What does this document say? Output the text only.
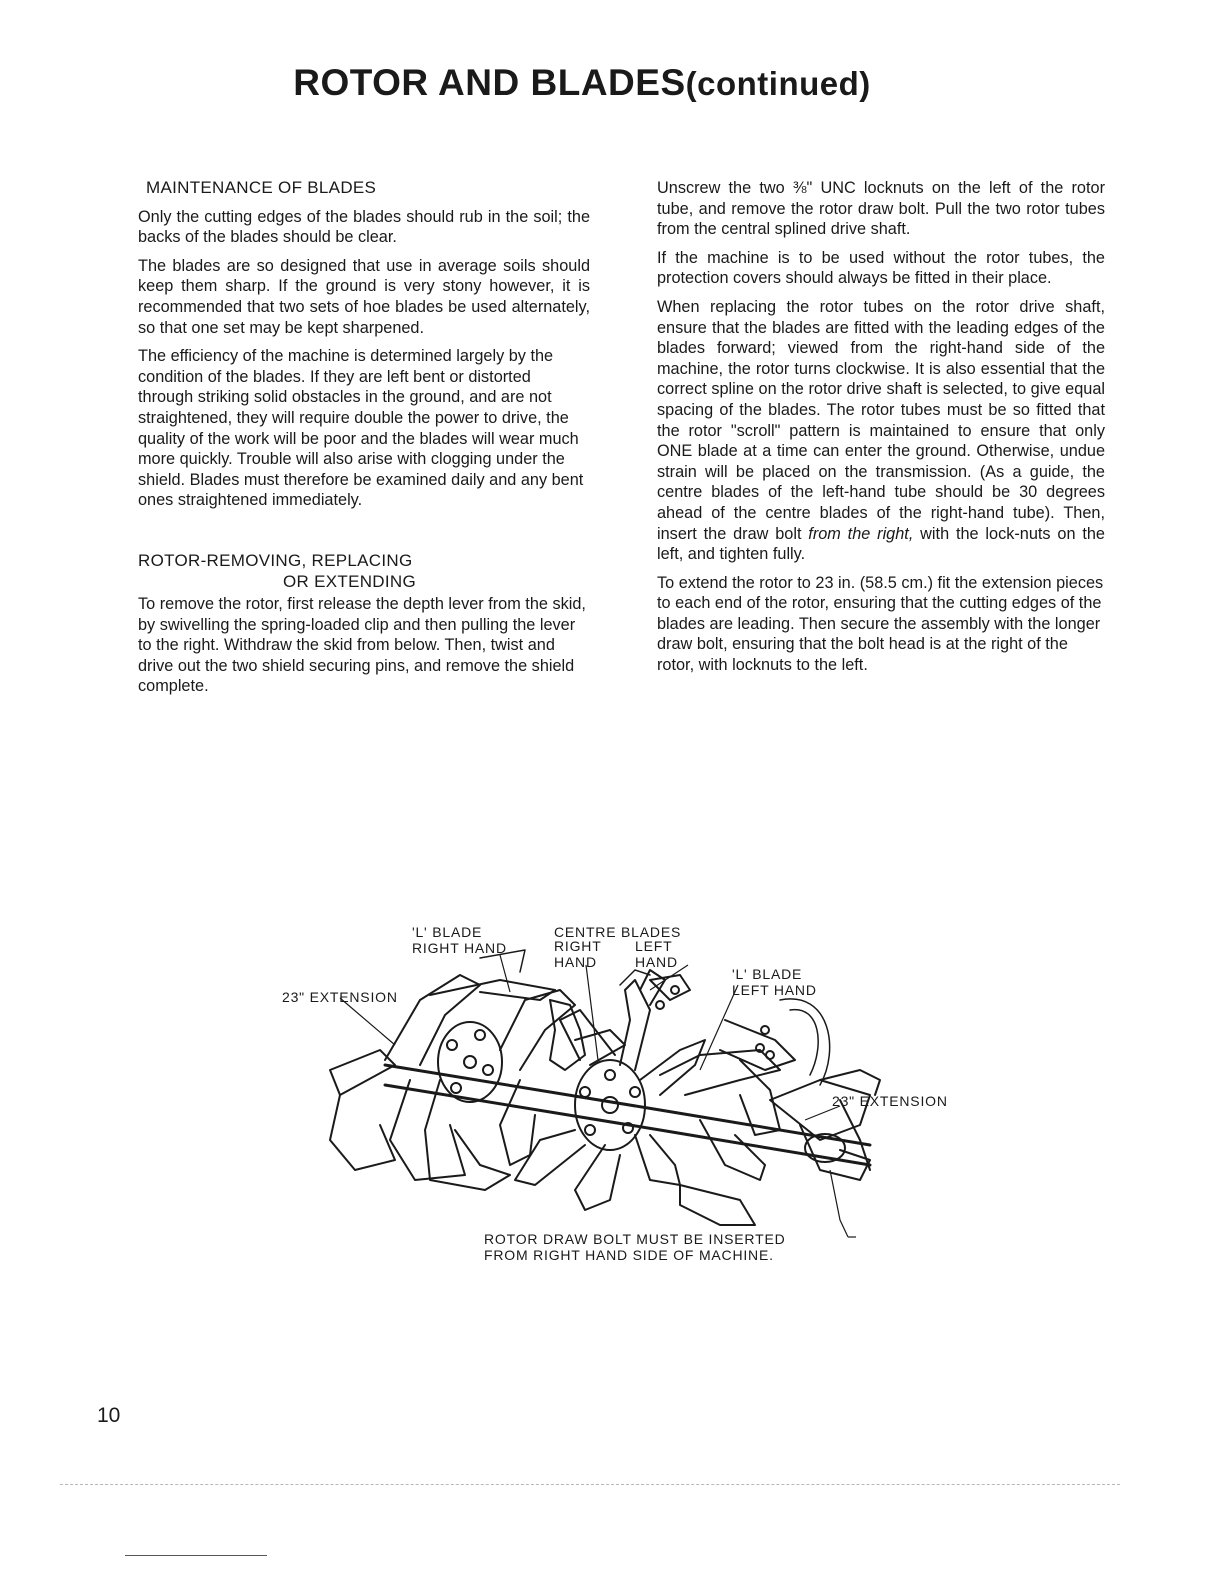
ROTOR AND BLADES(continued)
MAINTENANCE OF BLADES

Only the cutting edges of the blades should rub in the soil; the backs of the blades should be clear.

The blades are so designed that use in average soils should keep them sharp. If the ground is very stony however, it is recommended that two sets of hoe blades be used alternately, so that one set may be kept sharpened.

The efficiency of the machine is determined largely by the condition of the blades. If they are left bent or distorted through striking solid obstacles in the ground, and are not straightened, they will require double the power to drive, the quality of the work will be poor and the blades will wear much more quickly. Trouble will also arise with clogging under the shield. Blades must therefore be examined daily and any bent ones straightened immediately.

ROTOR-REMOVING, REPLACING
OR EXTENDING

To remove the rotor, first release the depth lever from the skid, by swivelling the spring-loaded clip and then pulling the lever to the right. Withdraw the skid from below. Then, twist and drive out the two shield securing pins, and remove the shield complete.

Unscrew the two ⅜" UNC locknuts on the left of the rotor tube, and remove the rotor draw bolt. Pull the two rotor tubes from the central splined drive shaft.

If the machine is to be used without the rotor tubes, the protection covers should always be fitted in their place.

When replacing the rotor tubes on the rotor drive shaft, ensure that the blades are fitted with the leading edges of the blades forward; viewed from the right-hand side of the machine, the rotor turns clockwise. It is also essential that the correct spline on the rotor drive shaft is selected, to give equal spacing of the blades. The rotor tubes must be so fitted that the rotor "scroll" pattern is maintained to ensure that only ONE blade at a time can enter the ground. Otherwise, undue strain will be placed on the transmission. (As a guide, the centre blades of the left-hand tube should be 30 degrees ahead of the centre blades of the right-hand tube). Then, insert the draw bolt from the right, with the lock-nuts on the left, and tighten fully.

To extend the rotor to 23 in. (58.5 cm.) fit the extension pieces to each end of the rotor, ensuring that the cutting edges of the blades are leading. Then secure the assembly with the longer draw bolt, ensuring that the bolt head is at the right of the rotor, with locknuts to the left.

'L' BLADE
RIGHT HAND
CENTRE BLADES
RIGHT
HAND
LEFT
HAND
'L' BLADE
LEFT HAND
23" EXTENSION
23" EXTENSION
ROTOR DRAW BOLT MUST BE INSERTED
FROM RIGHT HAND SIDE OF MACHINE.
10
